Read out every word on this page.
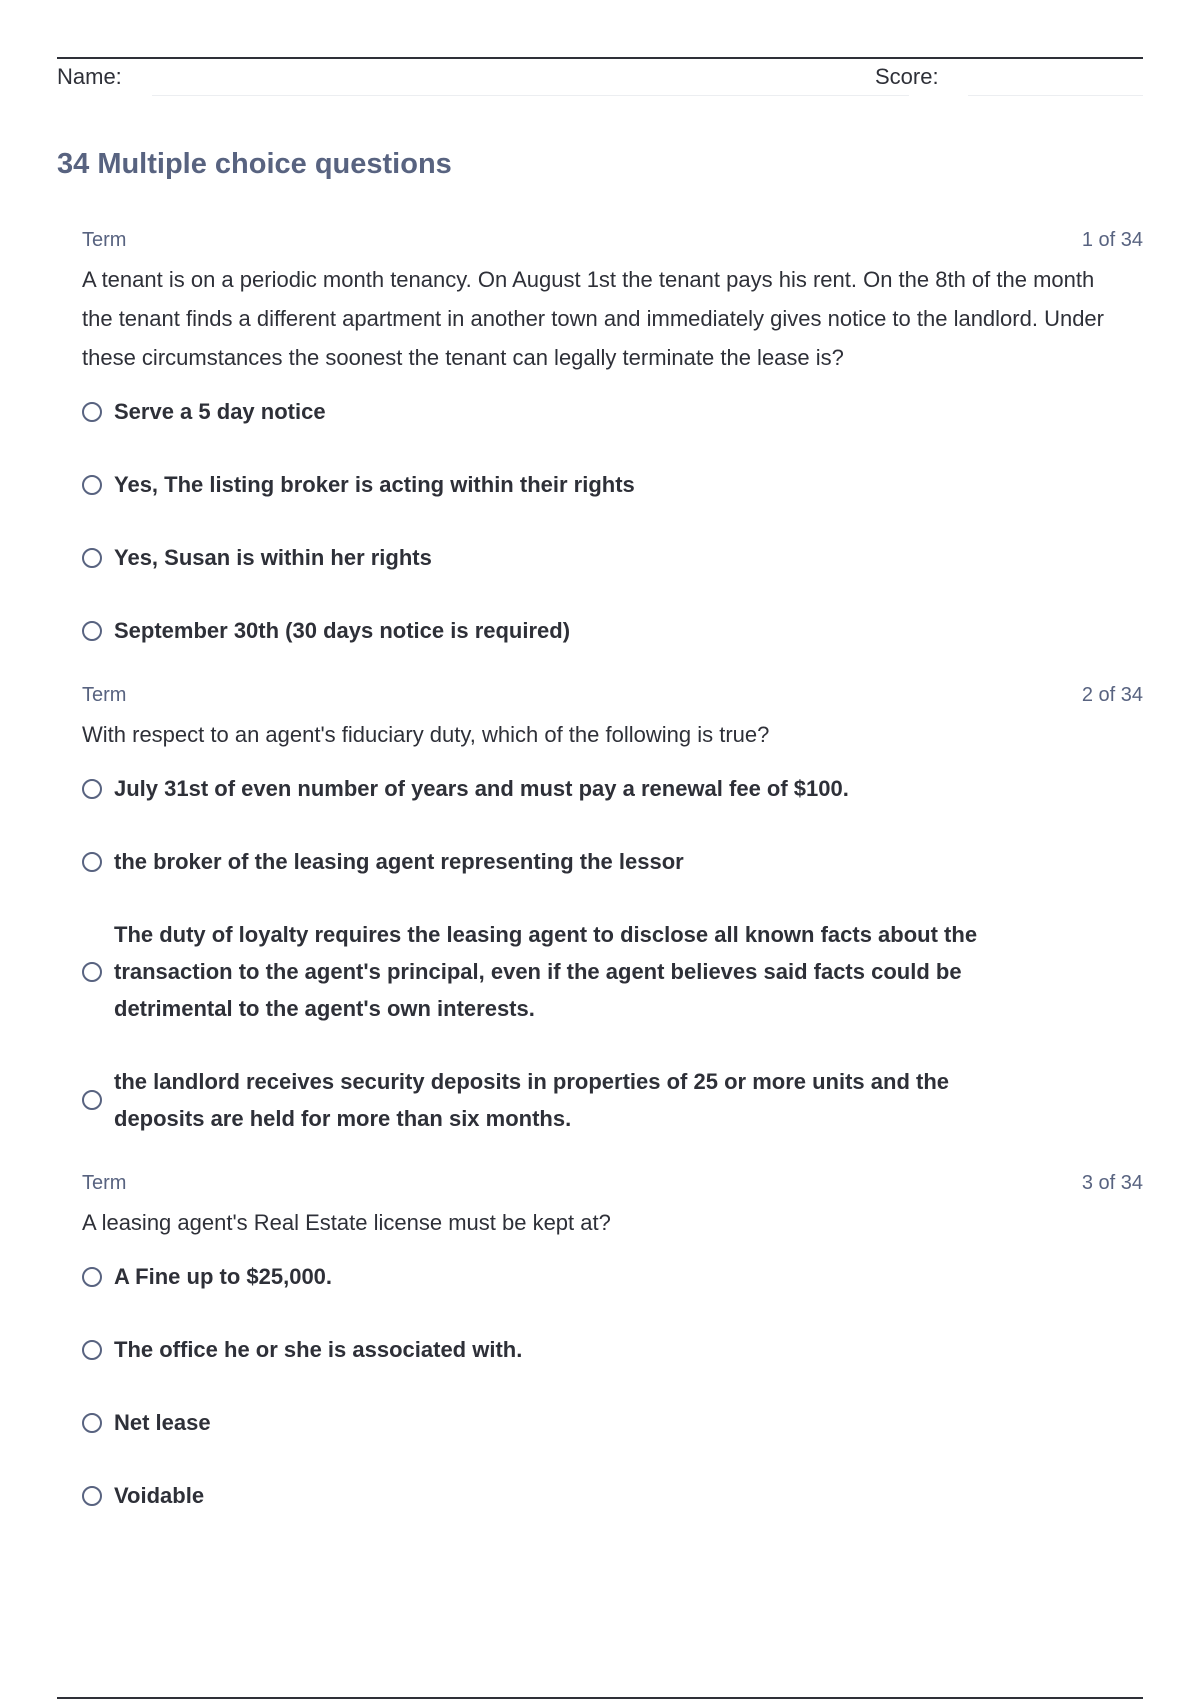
Name:	Score:
34 Multiple choice questions
Term	1 of 34

A tenant is on a periodic month tenancy. On August 1st the tenant pays his rent. On the 8th of the month the tenant finds a different apartment in another town and immediately gives notice to the landlord. Under these circumstances the soonest the tenant can legally terminate the lease is?

Serve a 5 day notice
Yes, The listing broker is acting within their rights
Yes, Susan is within her rights
September 30th (30 days notice is required)
Term	2 of 34

With respect to an agent's fiduciary duty, which of the following is true?

July 31st of even number of years and must pay a renewal fee of $100.
the broker of the leasing agent representing the lessor
The duty of loyalty requires the leasing agent to disclose all known facts about the transaction to the agent's principal, even if the agent believes said facts could be detrimental to the agent's own interests.
the landlord receives security deposits in properties of 25 or more units and the deposits are held for more than six months.
Term	3 of 34

A leasing agent's Real Estate license must be kept at?

A Fine up to $25,000.
The office he or she is associated with.
Net lease
Voidable
